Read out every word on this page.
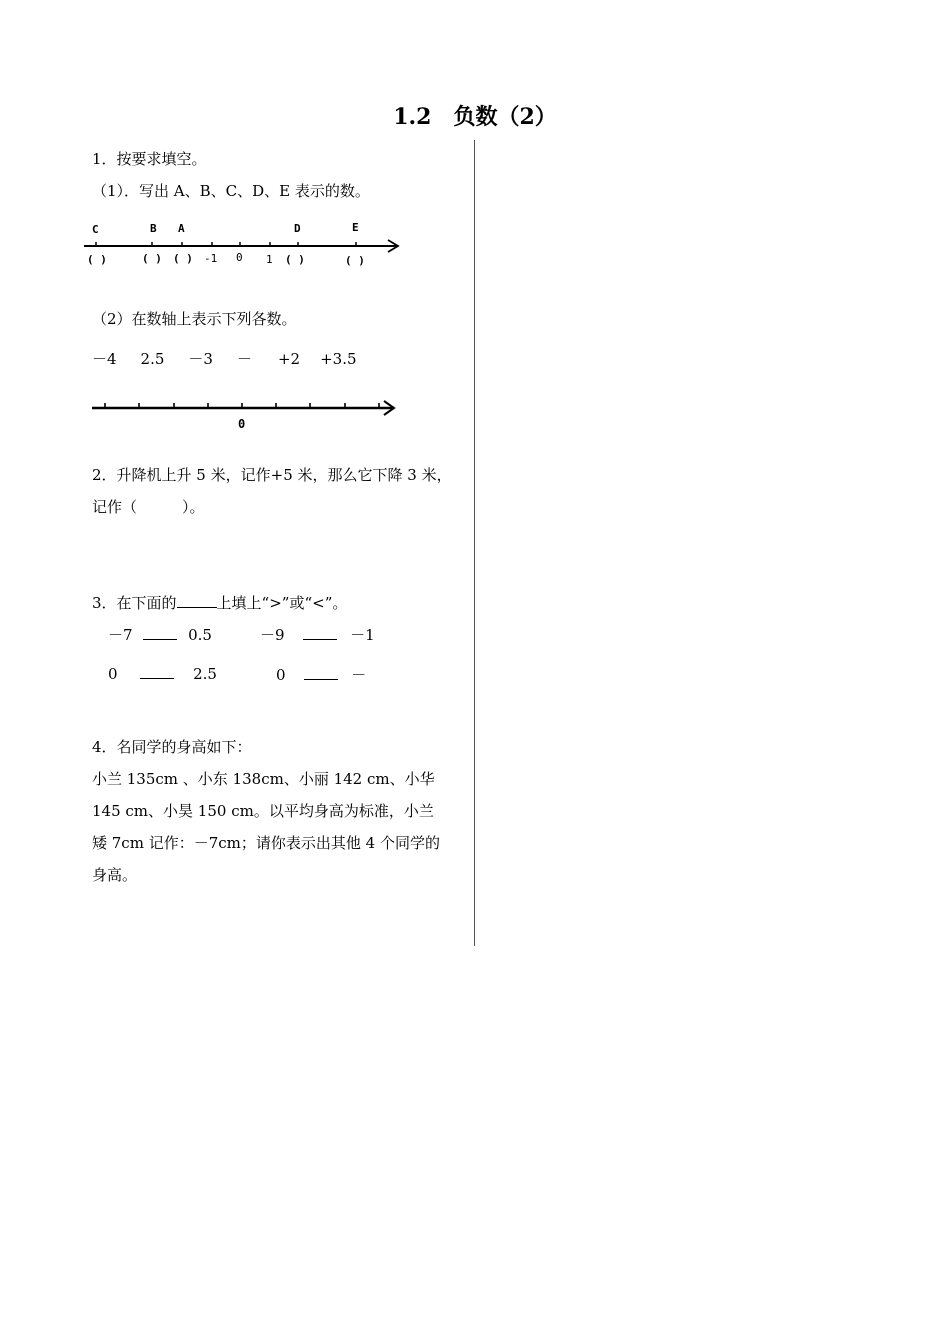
1.2　负数（2）
1．按要求填空。
（1）．写出 A、B、C、D、E 表示的数。
C	B A	D	E
( )	( ) ( ) -1 0 1 ( )	( )
（2）在数轴上表示下列各数。
－4 2.5 －3 － +2 +3.5
0
2．升降机上升 5 米，记作+5 米，那么它下降 3 米，
记作（　　　）。
3．在下面的	上填上“>”或“<”。
－7	0.5	－9	－1
0	2.5	0	－
4．名同学的身高如下：
小兰 135cm 、小东 138cm、小丽 142 cm、小华
145 cm、小昊 150 cm。以平均身高为标准，小兰
矮 7cm 记作：－7cm；请你表示出其他 4 个同学的
身高。
